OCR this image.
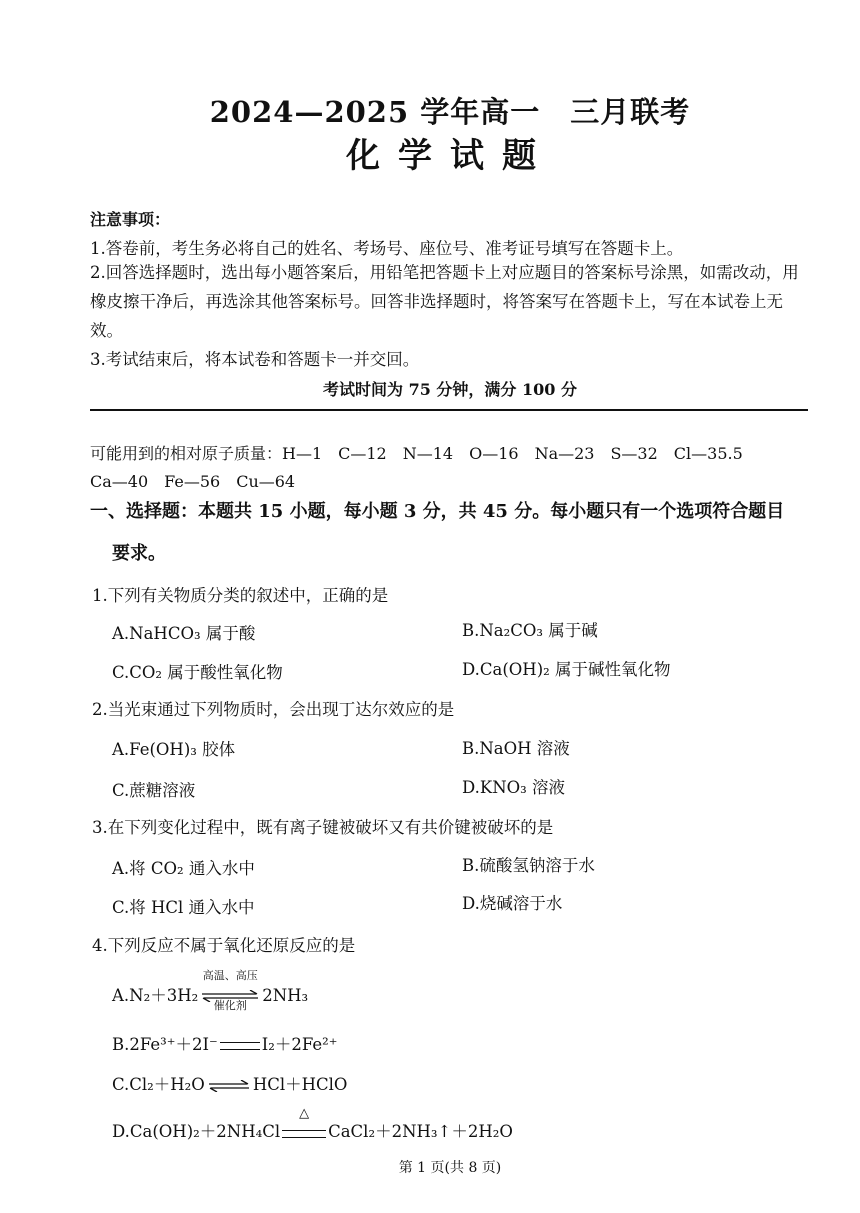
2024—2025 学年高一　三月联考
化学试题
注意事项：
1.答卷前，考生务必将自己的姓名、考场号、座位号、准考证号填写在答题卡上。
2.回答选择题时，选出每小题答案后，用铅笔把答题卡上对应题目的答案标号涂黑，如需改动，用橡皮擦干净后，再选涂其他答案标号。回答非选择题时，将答案写在答题卡上，写在本试卷上无效。
3.考试结束后，将本试卷和答题卡一并交回。
考试时间为 75 分钟，满分 100 分
可能用到的相对原子质量：H—1　C—12　N—14　O—16　Na—23　S—32　Cl—35.5
Ca—40　Fe—56　Cu—64
一、选择题：本题共 15 小题，每小题 3 分，共 45 分。每小题只有一个选项符合题目
要求。
1.下列有关物质分类的叙述中，正确的是
A.NaHCO₃ 属于酸	B.Na₂CO₃ 属于碱
C.CO₂ 属于酸性氧化物	D.Ca(OH)₂ 属于碱性氧化物
2.当光束通过下列物质时，会出现丁达尔效应的是
A.Fe(OH)₃ 胶体	B.NaOH 溶液
C.蔗糖溶液	D.KNO₃ 溶液
3.在下列变化过程中，既有离子键被破坏又有共价键被破坏的是
A.将 CO₂ 通入水中	B.硫酸氢钠溶于水
C.将 HCl 通入水中	D.烧碱溶于水
4.下列反应不属于氧化还原反应的是
A.N₂＋3H₂
高温、高压
催化剂
2NH₃
B.2Fe³⁺＋2I⁻	I₂＋2Fe²⁺
C.Cl₂＋H₂O ⇌ HCl＋HClO
D.Ca(OH)₂＋2NH₄Cl
△
CaCl₂＋2NH₃↑＋2H₂O
第 1 页(共 8 页)
